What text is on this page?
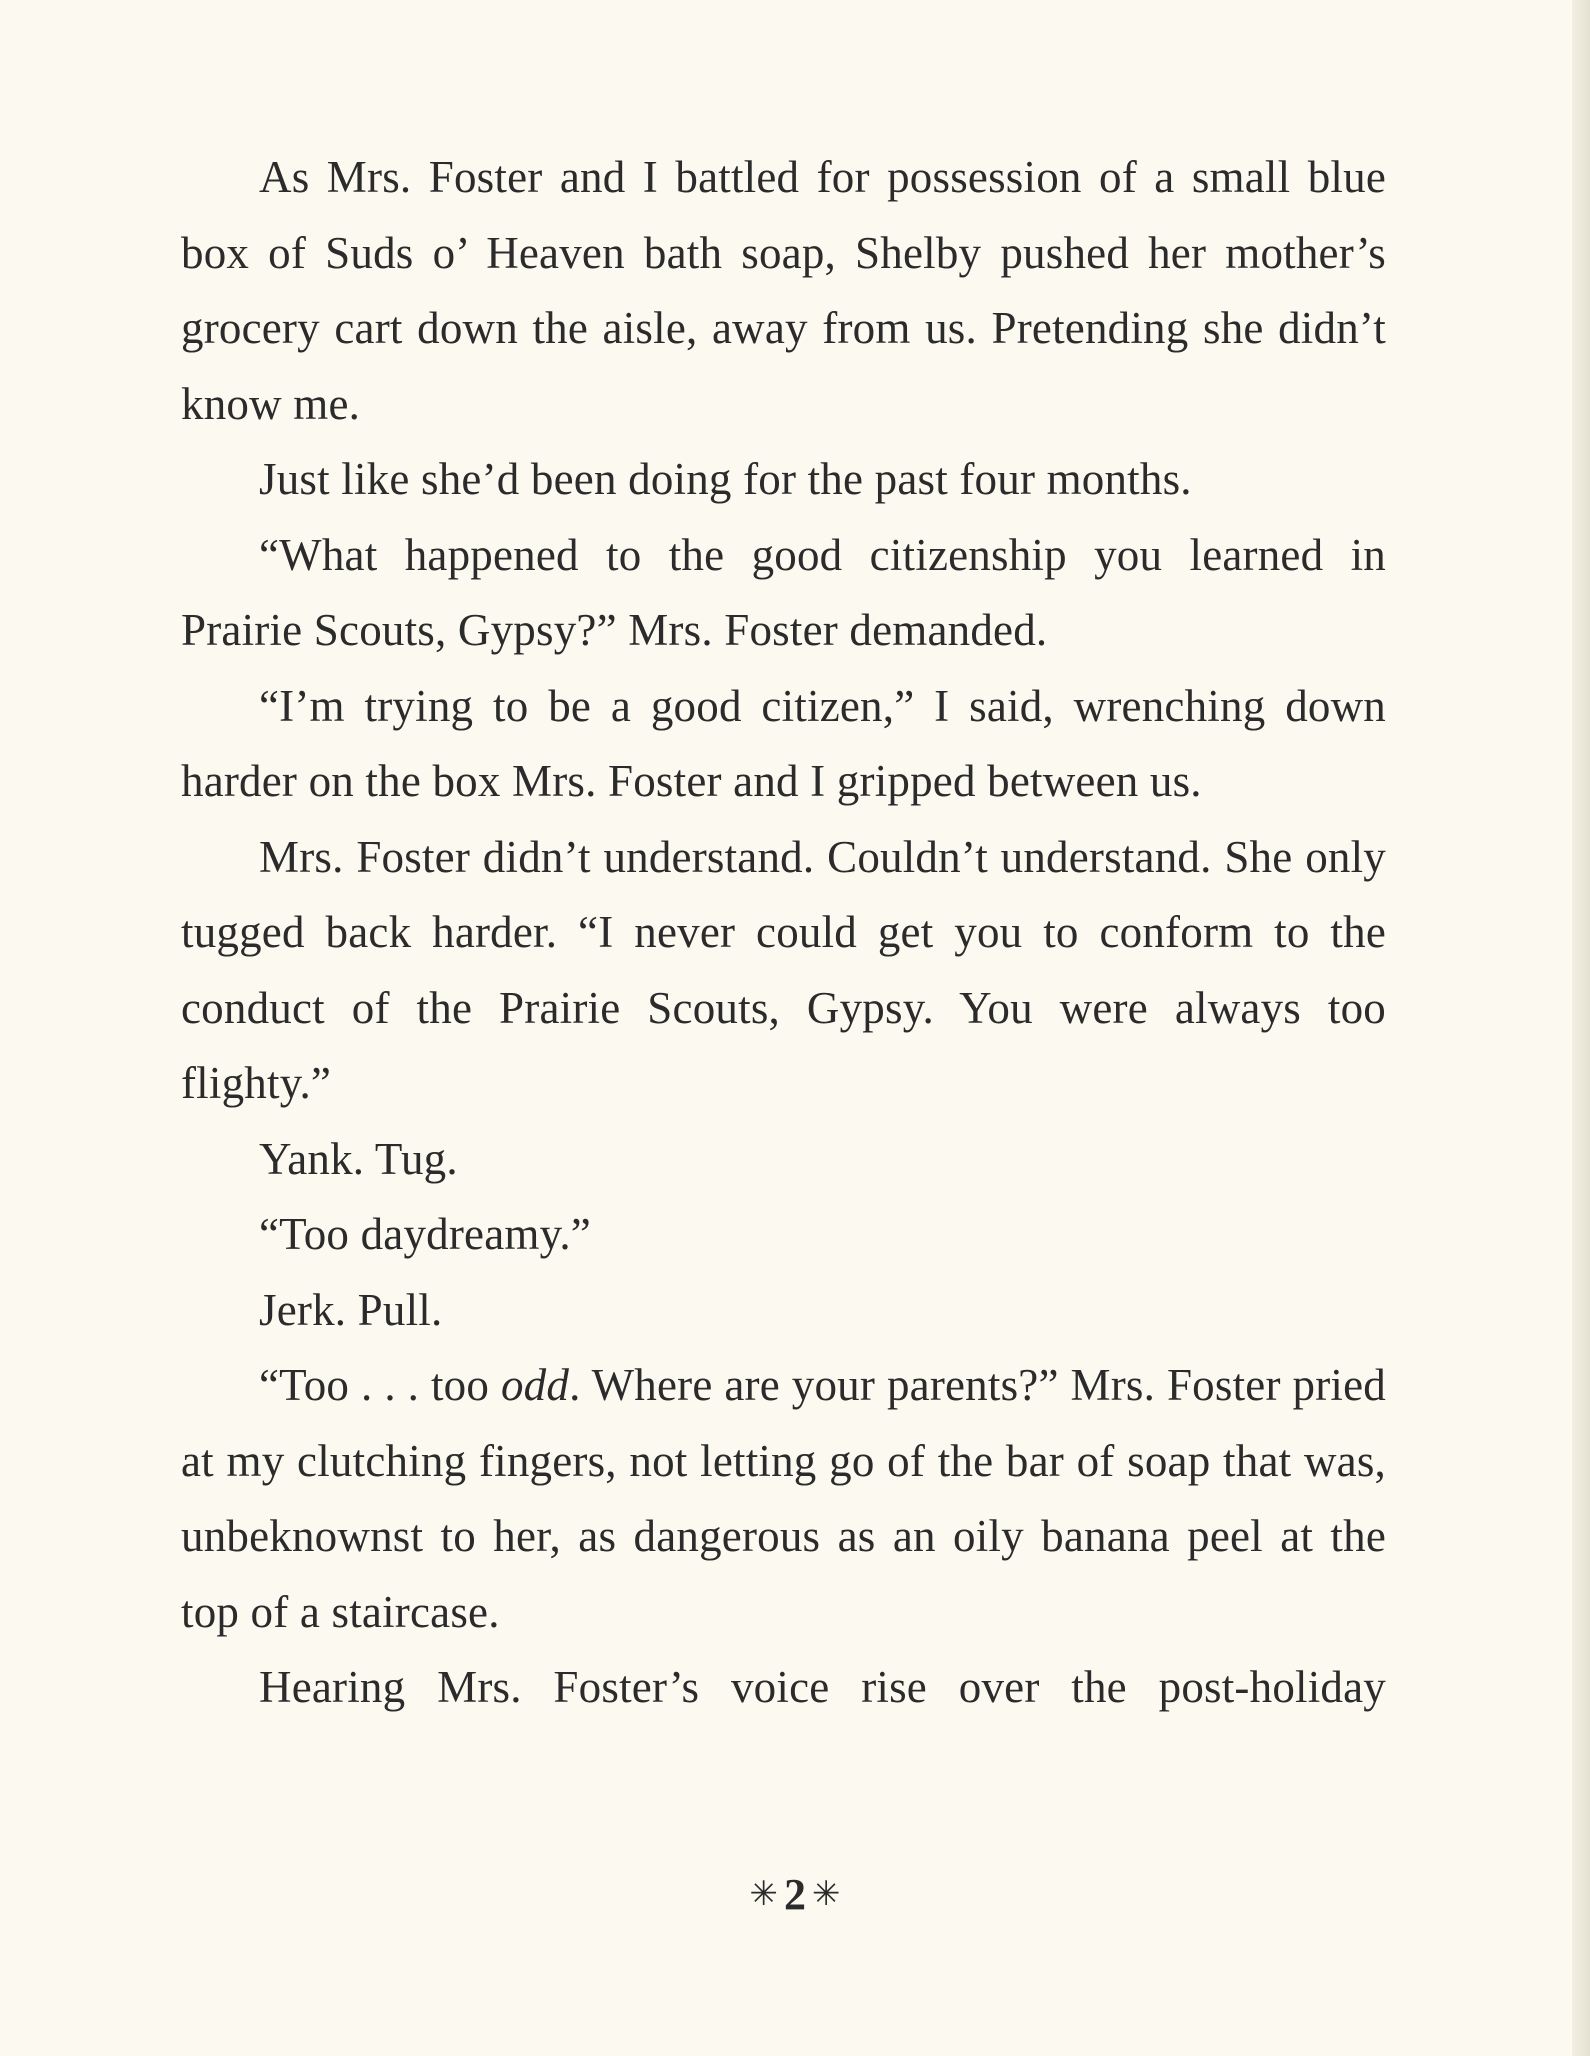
As Mrs. Foster and I battled for possession of a small blue box of Suds o’ Heaven bath soap, Shelby pushed her mother’s grocery cart down the aisle, away from us. Pretending she didn’t know me.

Just like she’d been doing for the past four months.

“What happened to the good citizenship you learned in Prairie Scouts, Gypsy?” Mrs. Foster demanded.

“I’m trying to be a good citizen,” I said, wrenching down harder on the box Mrs. Foster and I gripped between us.

Mrs. Foster didn’t understand. Couldn’t understand. She only tugged back harder. “I never could get you to conform to the conduct of the Prairie Scouts, Gypsy. You were always too flighty.”

Yank. Tug.

“Too daydreamy.”

Jerk. Pull.

“Too . . . too odd. Where are your parents?” Mrs. Foster pried at my clutching fingers, not letting go of the bar of soap that was, unbeknownst to her, as dangerous as an oily banana peel at the top of a staircase.

Hearing Mrs. Foster’s voice rise over the post-holiday

✳ 2 ✳
